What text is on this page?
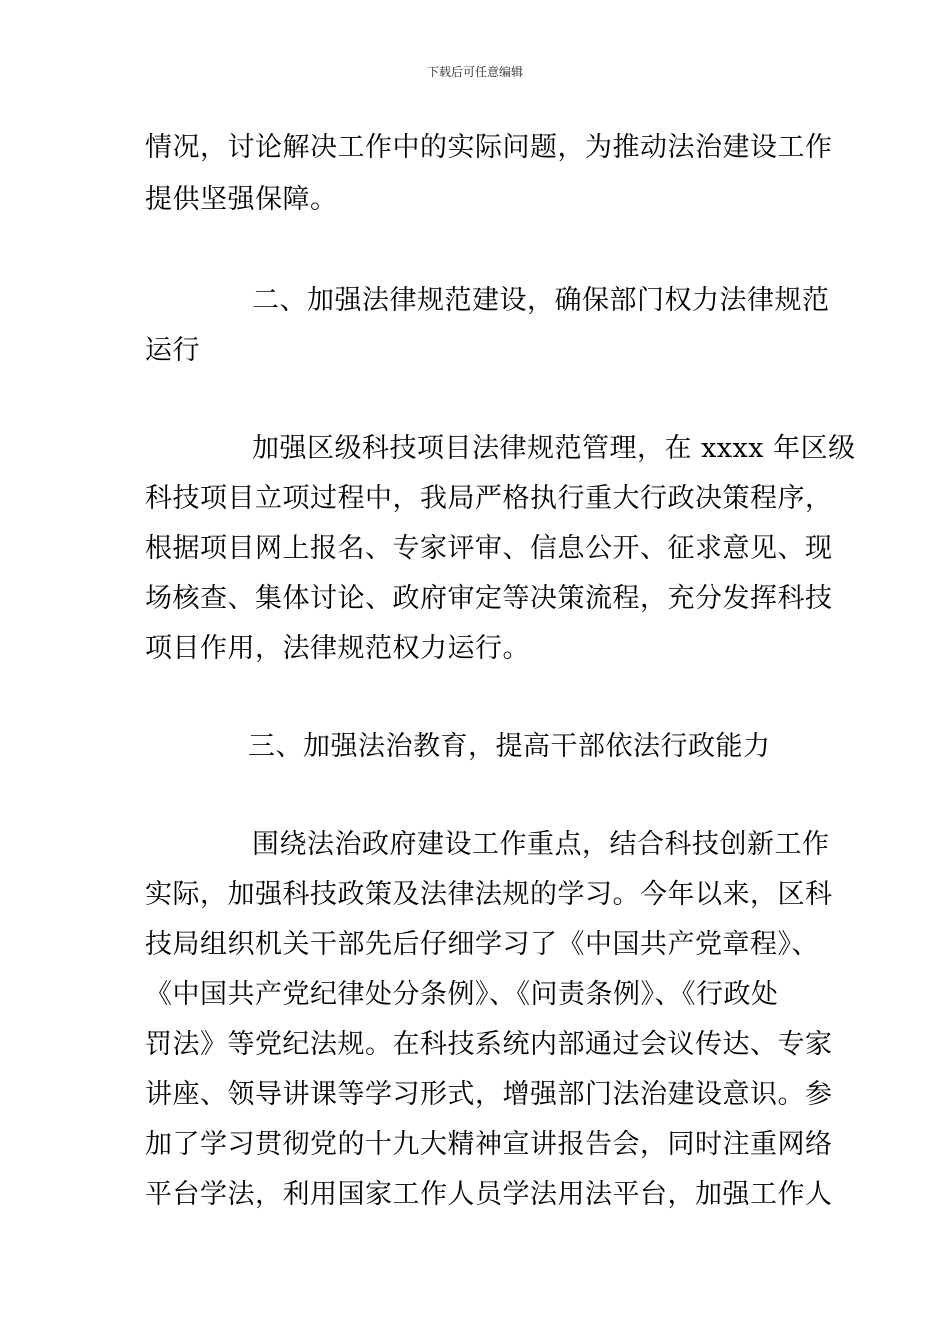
下载后可任意编辑
情况，讨论解决工作中的实际问题，为推动法治建设工作
提供坚强保障。
二、加强法律规范建设，确保部门权力法律规范
运行
加强区级科技项目法律规范管理，在 xxxx 年区级
科技项目立项过程中，我局严格执行重大行政决策程序，
根据项目网上报名、专家评审、信息公开、征求意见、现
场核查、集体讨论、政府审定等决策流程，充分发挥科技
项目作用，法律规范权力运行。
三、加强法治教育，提高干部依法行政能力
围绕法治政府建设工作重点，结合科技创新工作
实际，加强科技政策及法律法规的学习。今年以来，区科
技局组织机关干部先后仔细学习了《中国共产党章程》、
《中国共产党纪律处分条例》、《问责条例》、《行政处
罚法》等党纪法规。在科技系统内部通过会议传达、专家
讲座、领导讲课等学习形式，增强部门法治建设意识。参
加了学习贯彻党的十九大精神宣讲报告会，同时注重网络
平台学法，利用国家工作人员学法用法平台，加强工作人
